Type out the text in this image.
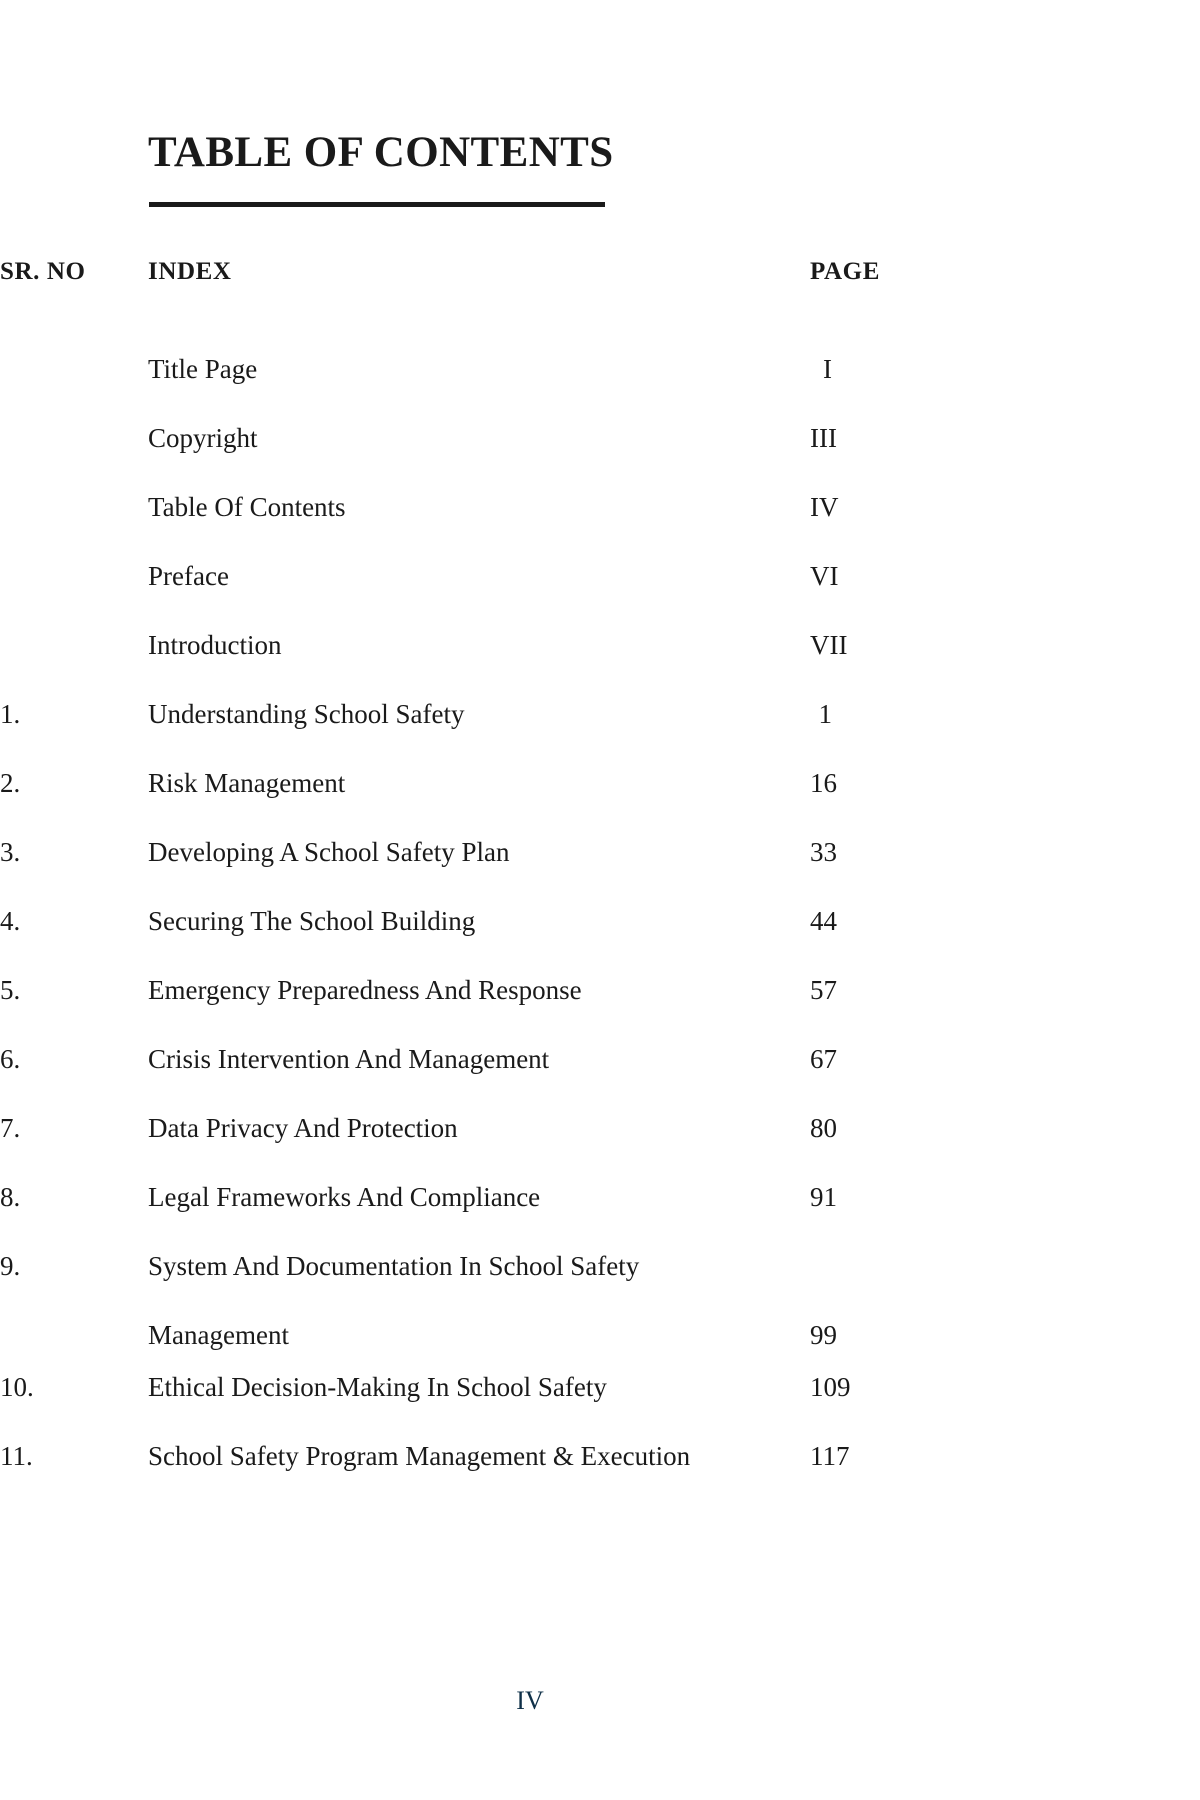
TABLE OF CONTENTS
SR. NO	INDEX	PAGE
Title Page	I
Copyright	III
Table Of Contents	IV
Preface	VI
Introduction	VII
1.	Understanding School Safety	1
2.	Risk Management	16
3.	Developing A School Safety Plan	33
4.	Securing The School Building	44
5.	Emergency Preparedness And Response	57
6.	Crisis Intervention And Management	67
7.	Data Privacy And Protection	80
8.	Legal Frameworks And Compliance	91
9.	System And Documentation In School Safety
Management	99
10.	Ethical Decision-Making In School Safety	109
11.	School Safety Program Management & Execution	117
IV
